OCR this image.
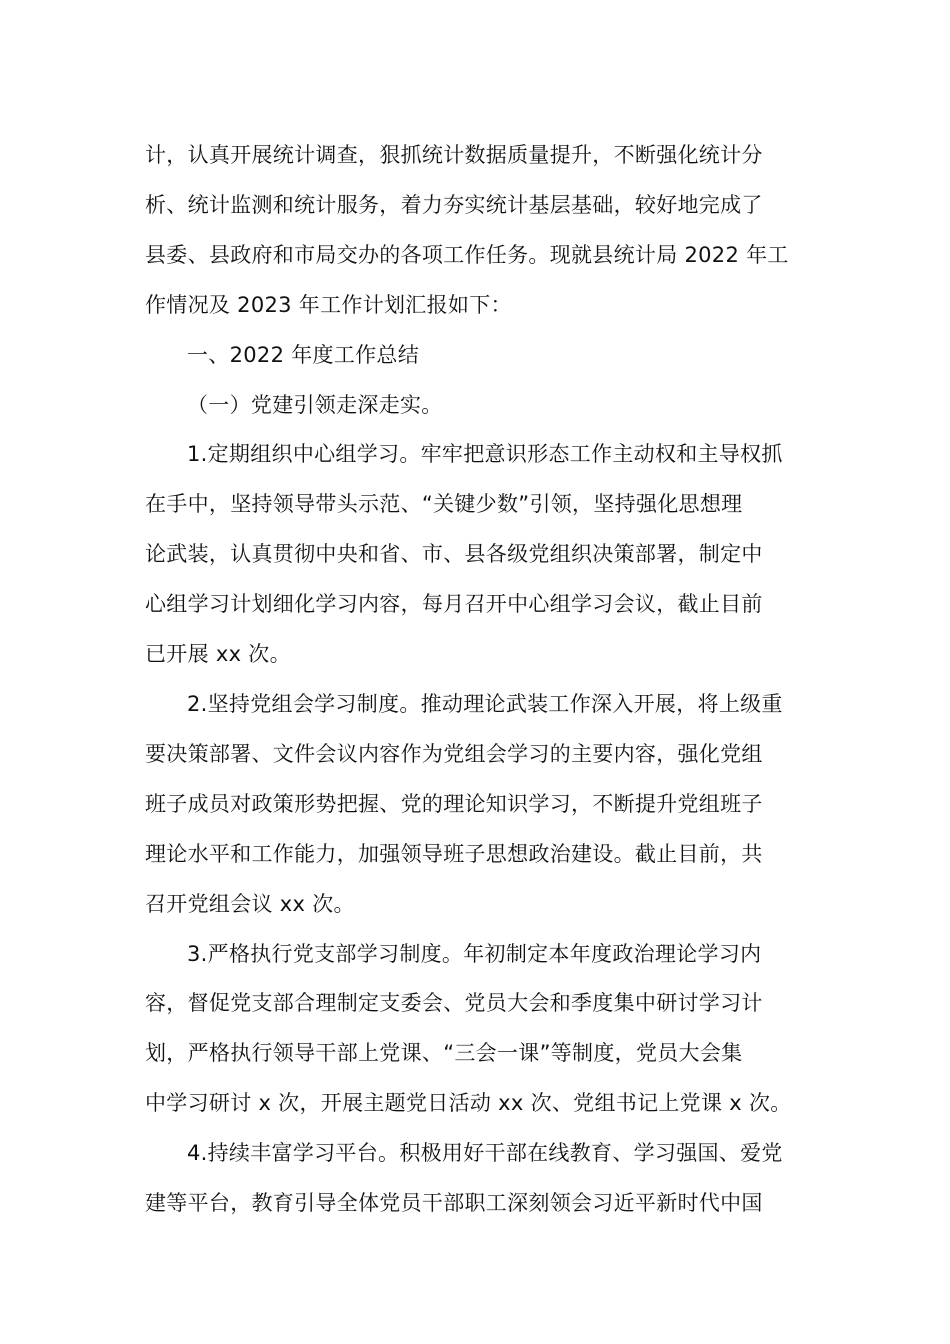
计，认真开展统计调查，狠抓统计数据质量提升，不断强化统计分
析、统计监测和统计服务，着力夯实统计基层基础，较好地完成了
县委、县政府和市局交办的各项工作任务。现就县统计局 2022 年工
作情况及 2023 年工作计划汇报如下：

一、2022 年度工作总结

（一）党建引领走深走实。

1.定期组织中心组学习。牢牢把意识形态工作主动权和主导权抓
在手中，坚持领导带头示范、“关键少数”引领，坚持强化思想理
论武装，认真贯彻中央和省、市、县各级党组织决策部署，制定中
心组学习计划细化学习内容，每月召开中心组学习会议，截止目前
已开展 xx 次。

2.坚持党组会学习制度。推动理论武装工作深入开展，将上级重
要决策部署、文件会议内容作为党组会学习的主要内容，强化党组
班子成员对政策形势把握、党的理论知识学习，不断提升党组班子
理论水平和工作能力，加强领导班子思想政治建设。截止目前，共
召开党组会议 xx 次。

3.严格执行党支部学习制度。年初制定本年度政治理论学习内
容，督促党支部合理制定支委会、党员大会和季度集中研讨学习计
划，严格执行领导干部上党课、“三会一课”等制度，党员大会集
中学习研讨 x 次，开展主题党日活动 xx 次、党组书记上党课 x 次。

4.持续丰富学习平台。积极用好干部在线教育、学习强国、爱党
建等平台，教育引导全体党员干部职工深刻领会习近平新时代中国
